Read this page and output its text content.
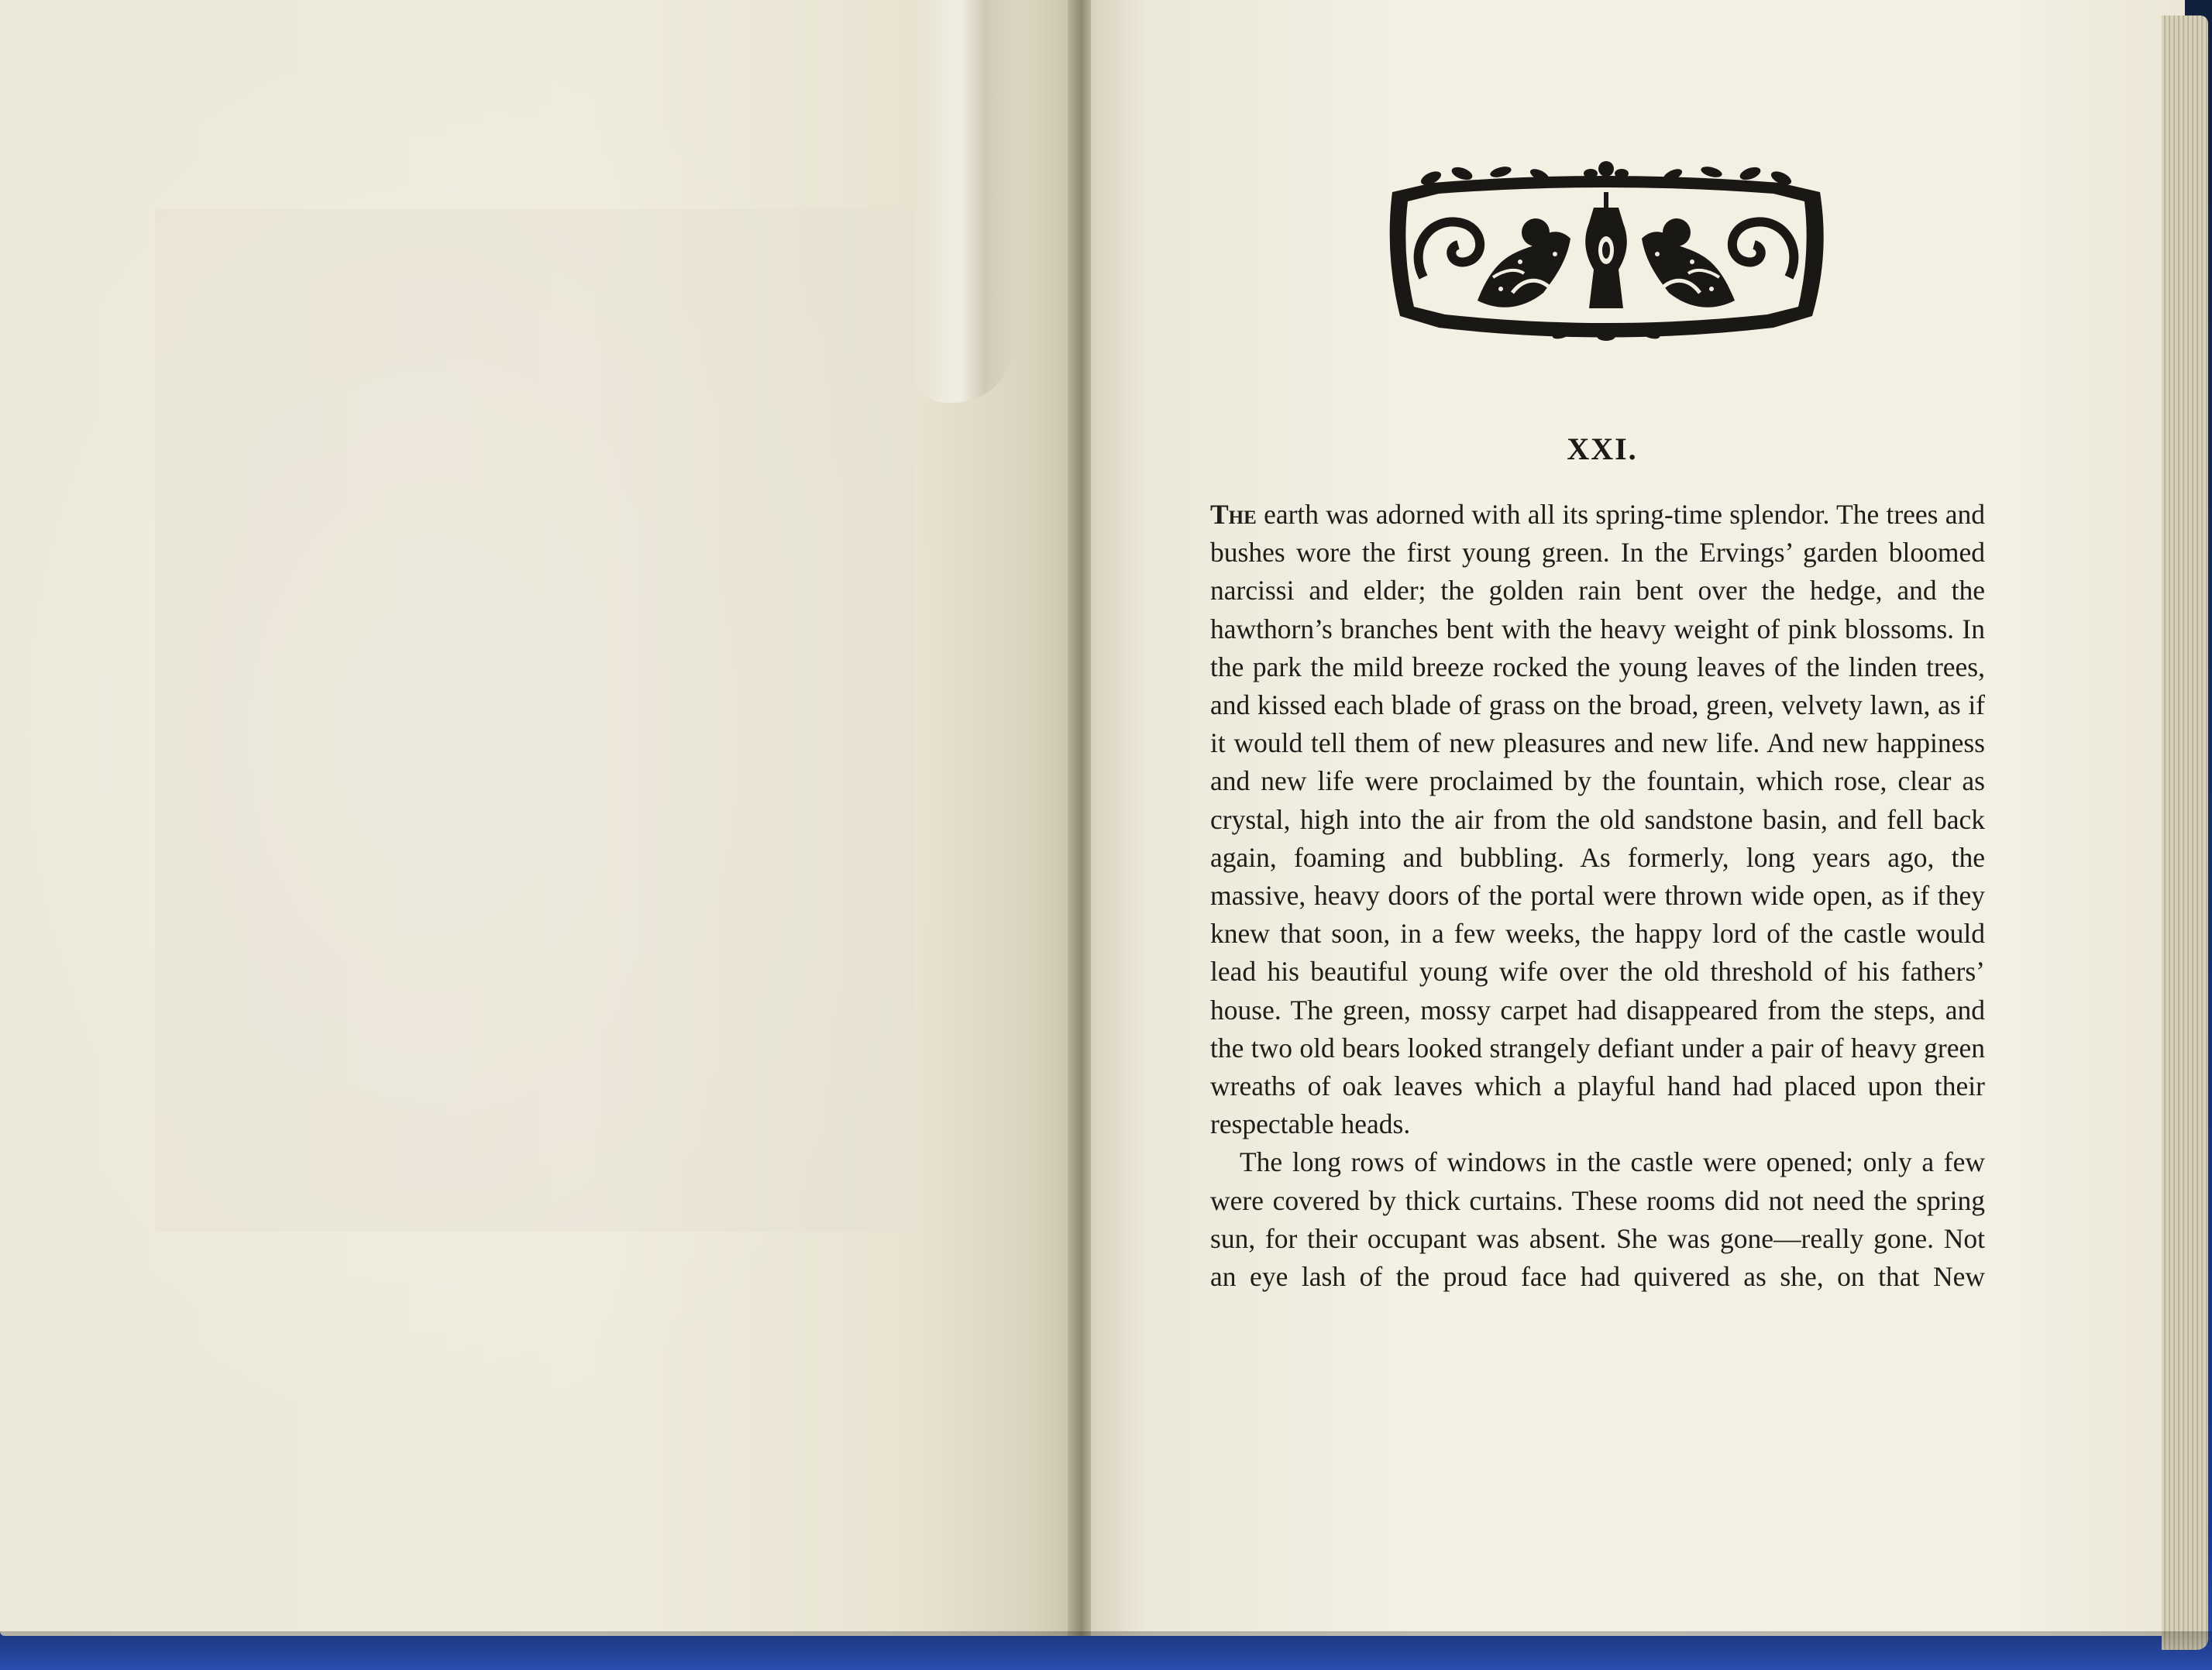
XXI.

The earth was adorned with all its spring-time splendor. The trees and bushes wore the first young green. In the Ervings’ garden bloomed narcissi and elder; the golden rain bent over the hedge, and the hawthorn’s branches bent with the heavy weight of pink blossoms. In the park the mild breeze rocked the young leaves of the linden trees, and kissed each blade of grass on the broad, green, velvety lawn, as if it would tell them of new pleasures and new life. And new happiness and new life were proclaimed by the fountain, which rose, clear as crystal, high into the air from the old sandstone basin, and fell back again, foaming and bubbling. As formerly, long years ago, the massive, heavy doors of the portal were thrown wide open, as if they knew that soon, in a few weeks, the happy lord of the castle would lead his beautiful young wife over the old threshold of his fathers’ house. The green, mossy carpet had disappeared from the steps, and the two old bears looked strangely defiant under a pair of heavy green wreaths of oak leaves which a playful hand had placed upon their respectable heads.

The long rows of windows in the castle were opened; only a few were covered by thick curtains. These rooms did not need the spring sun, for their occupant was absent. She was gone—really gone. Not an eye lash of the proud face had quivered as she, on that New
